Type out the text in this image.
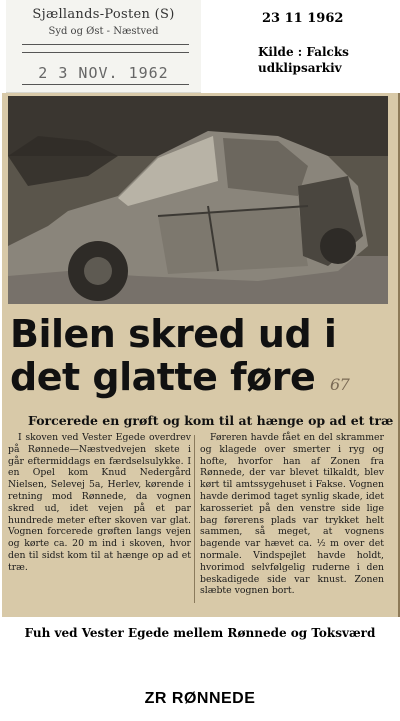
Sjællands-Posten (S)
Syd og Øst - Næstved
2 3 NOV. 1962
23 11 1962
Kilde : Falcks udklipsarkiv
Bilen skred ud i det glatte føre 67
Forcerede en grøft og kom til at hænge op ad et træ

I skoven ved Vester Egede overdrev på Rønnede—Næstvedvejen skete i går eftermiddags en færdselsulykke. I en Opel kom Knud Nedergård Nielsen, Selevej 5a, Herlev, kørende i retning mod Rønnede, da vognen skred ud, idet vejen på et par hundrede meter efter skoven var glat. Vognen forcerede grøften langs vejen og kørte ca. 20 m ind i skoven, hvor den til sidst kom til at hænge op ad et træ.

Føreren havde fået en del skrammer og klagede over smerter i ryg og hofte, hvorfor han af Zonen fra Rønnede, der var blevet tilkaldt, blev kørt til amtssygehuset i Fakse. Vognen havde derimod taget synlig skade, idet karosseriet på den venstre side lige bag førerens plads var trykket helt sammen, så meget, at vognens bagende var hævet ca. ½ m over det normale. Vindspejlet havde holdt, hvorimod selvfølgelig ruderne i den beskadigede side var knust. Zonen slæbte vognen bort.

Fuh ved Vester Egede mellem Rønnede og Toksværd
ZR RØNNEDE
